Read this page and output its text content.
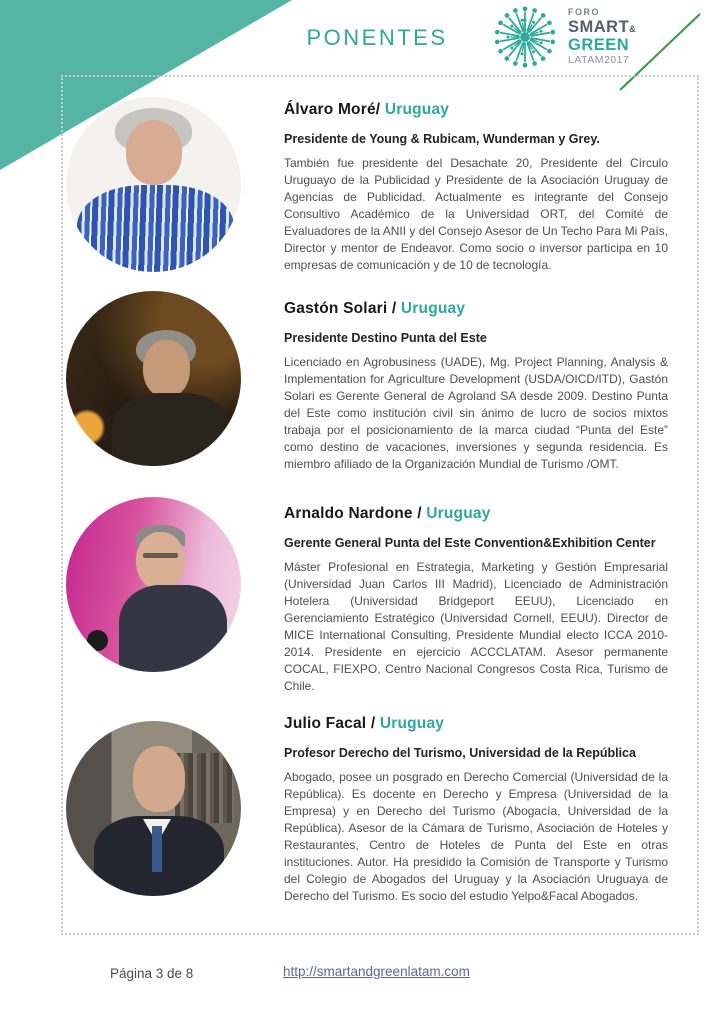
PONENTES
FORO
SMART&
GREEN
LATAM2017
Álvaro Moré/ Uruguay
Presidente de Young & Rubicam, Wunderman y Grey.

También fue presidente del Desachate 20, Presidente del Círculo Uruguayo de la Publicidad y Presidente de la Asociación Uruguay de Agencias de Publicidad. Actualmente es integrante del Consejo Consultivo Académico de la Universidad ORT, del Comité de Evaluadores de la ANII y del Consejo Asesor de Un Techo Para Mi País, Director y mentor de Endeavor. Como socio o inversor participa en 10 empresas de comunicación y de 10 de tecnología.

Gastón Solari / Uruguay
Presidente Destino Punta del Este

Licenciado en Agrobusiness (UADE), Mg. Project Planning, Analysis & Implementation for Agriculture Development (USDA/OICD/ITD), Gastón Solari es Gerente General de Agroland SA desde 2009. Destino Punta del Este como institución civil sin ánimo de lucro de socios mixtos trabaja por el posicionamiento de la marca ciudad “Punta del Este” como destino de vacaciones, inversiones y segunda residencia. Es miembro afiliado de la Organización Mundial de Turismo /OMT.

Arnaldo Nardone / Uruguay
Gerente General Punta del Este Convention&Exhibition Center

Máster Profesional en Estrategia, Marketing y Gestión Empresarial (Universidad Juan Carlos III Madrid), Licenciado de Administración Hotelera (Universidad Bridgeport EEUU), Licenciado en Gerenciamiento Estratégico (Universidad Cornell, EEUU). Director de MICE International Consulting, Presidente Mundial electo ICCA 2010-2014. Presidente en ejercicio ACCCLATAM. Asesor permanente COCAL, FIEXPO, Centro Nacional Congresos Costa Rica, Turismo de Chile.

Julio Facal / Uruguay
Profesor Derecho del Turismo, Universidad de la República

Abogado, posee un posgrado en Derecho Comercial (Universidad de la República). Es docente en Derecho y Empresa (Universidad de la Empresa) y en Derecho del Turismo (Abogacía, Universidad de la República). Asesor de la Cámara de Turismo, Asociación de Hoteles y Restaurantes, Centro de Hoteles de Punta del Este en otras instituciones. Autor. Ha presidido la Comisión de Transporte y Turismo del Colegio de Abogados del Uruguay y la Asociación Uruguaya de Derecho del Turismo. Es socio del estudio Yelpo&Facal Abogados.

Página 3 de 8	http://smartandgreenlatam.com
